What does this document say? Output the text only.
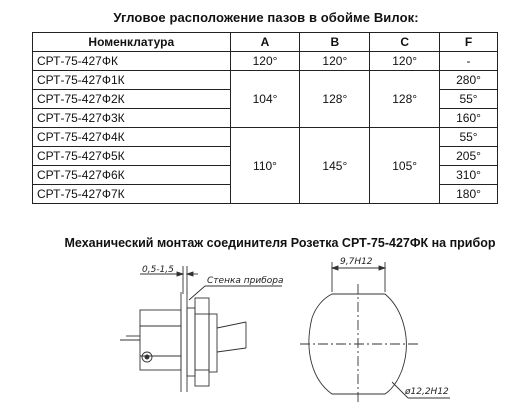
Угловое расположение пазов в обойме Вилок:
Номенклатура	A	B	C	F
СРТ-75-427ФК	120°	120°	120°	-
СРТ-75-427Ф1К	104°	128°	128°	280°
СРТ-75-427Ф2К				55°
СРТ-75-427Ф3К				160°
СРТ-75-427Ф4К	110°	145°	105°	55°
СРТ-75-427Ф5К				205°
СРТ-75-427Ф6К				310°
СРТ-75-427Ф7К				180°
Механический монтаж соединителя Розетка СРТ-75-427ФК на прибор
0,5-1,5
Стенка прибора
9,7Н12
ø12,2Н12
